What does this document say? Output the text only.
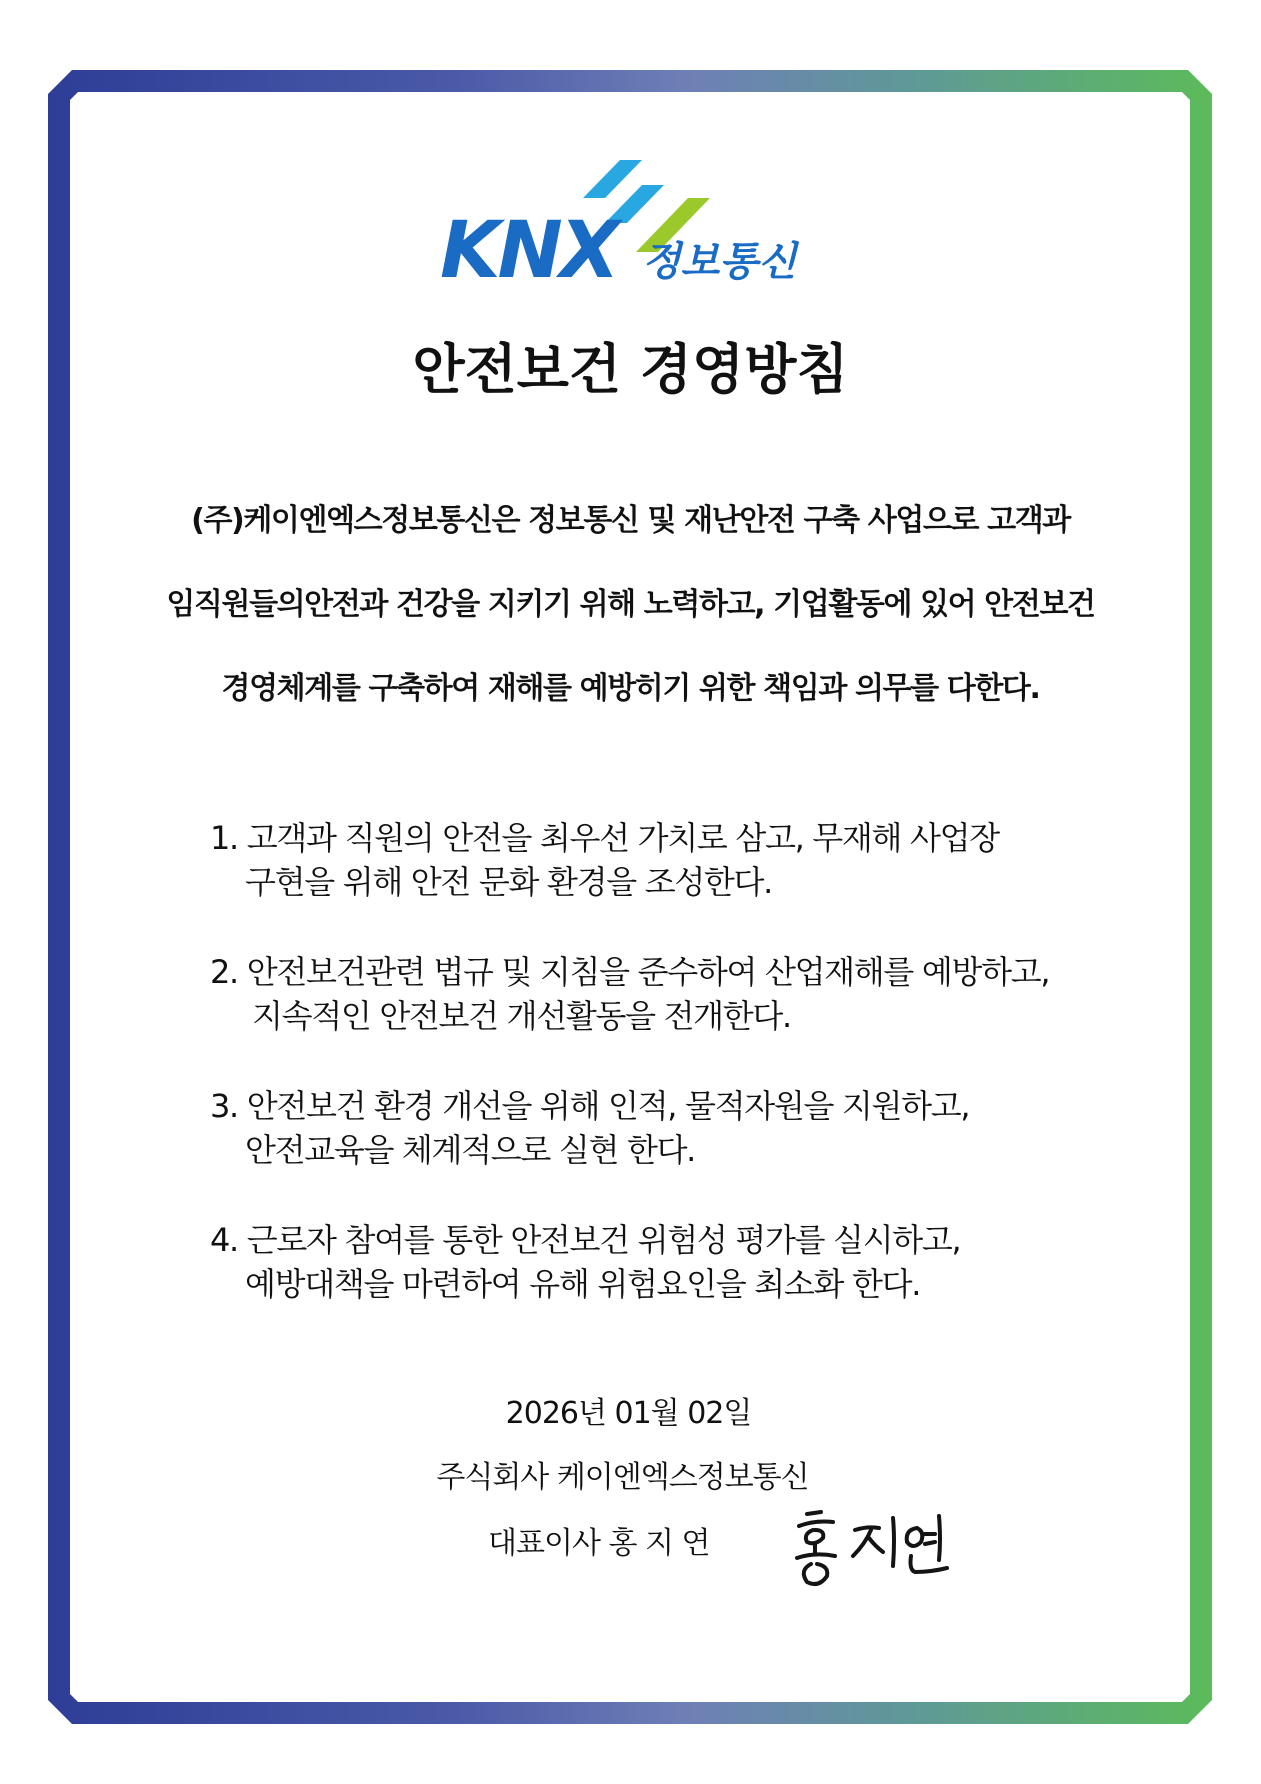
KNX 정보통신
안전보건 경영방침
(주)케이엔엑스정보통신은 정보통신 및 재난안전 구축 사업으로 고객과
임직원들의안전과 건강을 지키기 위해 노력하고, 기업활동에 있어 안전보건
경영체계를 구축하여 재해를 예방히기 위한 책임과 의무를 다한다.
1. 고객과 직원의 안전을 최우선 가치로 삼고, 무재해 사업장
구현을 위해 안전 문화 환경을 조성한다.
2. 안전보건관련 법규 및 지침을 준수하여 산업재해를 예방하고,
지속적인 안전보건 개선활동을 전개한다.
3. 안전보건 환경 개선을 위해 인적, 물적자원을 지원하고,
안전교육을 체계적으로 실현 한다.
4. 근로자 참여를 통한 안전보건 위험성 평가를 실시하고,
예방대책을 마련하여 유해 위험요인을 최소화 한다.
2026년 01월 02일
주식회사 케이엔엑스정보통신
대표이사 홍 지 연
